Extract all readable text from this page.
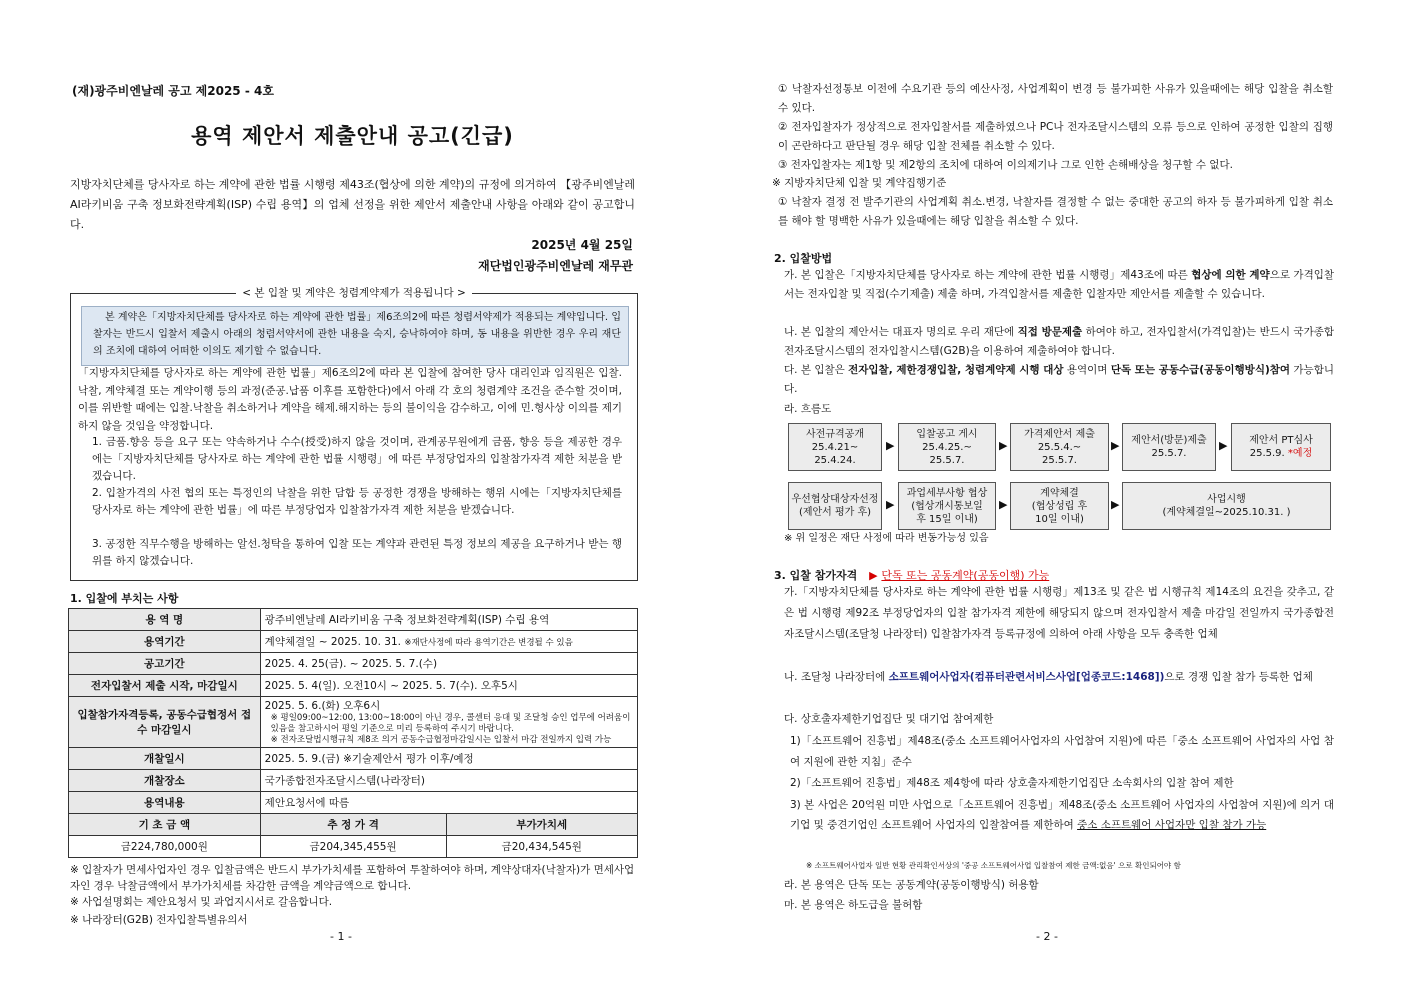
(재)광주비엔날레 공고 제2025 - 4호
용역 제안서 제출안내 공고(긴급)
지방자치단체를 당사자로 하는 계약에 관한 법률 시행령 제43조(협상에 의한 계약)의 규정에 의거하여 【광주비엔날레 AI라키비움 구축 정보화전략계획(ISP) 수립 용역】의 업체 선정을 위한 제안서 제출안내 사항을 아래와 같이 공고합니다.
2025년 4월 25일
재단법인광주비엔날레 재무관
< 본 입찰 및 계약은 청렴계약제가 적용됩니다 >
본 계약은「지방자치단체를 당사자로 하는 계약에 관한 법률」제6조의2에 따른 청렴서약제가 적용되는 계약입니다. 입찰자는 반드시 입찰서 제출시 아래의 청렴서약서에 관한 내용을 숙지, 승낙하여야 하며, 동 내용을 위반한 경우 우리 재단의 조치에 대하여 어떠한 이의도 제기할 수 없습니다.
「지방자치단체를 당사자로 하는 계약에 관한 법률」제6조의2에 따라 본 입찰에 참여한 당사 대리인과 임직원은 입찰.낙찰, 계약체결 또는 계약이행 등의 과정(준공.납품 이후를 포함한다)에서 아래 각 호의 청렴계약 조건을 준수할 것이며, 이를 위반할 때에는 입찰.낙찰을 취소하거나 계약을 해제.해지하는 등의 불이익을 감수하고, 이에 민.형사상 이의를 제기하지 않을 것임을 약정합니다.
1. 금품.향응 등을 요구 또는 약속하거나 수수(授受)하지 않을 것이며, 관계공무원에게 금품, 향응 등을 제공한 경우에는「지방자치단체를 당사자로 하는 계약에 관한 법률 시행령」에 따른 부정당업자의 입찰참가자격 제한 처분을 받겠습니다.
2. 입찰가격의 사전 협의 또는 특정인의 낙찰을 위한 담합 등 공정한 경쟁을 방해하는 행위 시에는「지방자치단체를 당사자로 하는 계약에 관한 법률」에 따른 부정당업자 입찰참가자격 제한 처분을 받겠습니다.
3. 공정한 직무수행을 방해하는 알선.청탁을 통하여 입찰 또는 계약과 관련된 특정 정보의 제공을 요구하거나 받는 행위를 하지 않겠습니다.
1. 입찰에 부치는 사항
용 역 명	광주비엔날레 AI라키비움 구축 정보화전략계획(ISP) 수립 용역	
용역기간	계약체결일 ~ 2025. 10. 31. ※재단사정에 따라 용역기간은 변경될 수 있음	
공고기간	2025. 4. 25(금). ~ 2025. 5. 7.(수)	
전자입찰서 제출 시작, 마감일시	2025. 5. 4(일). 오전10시 ~ 2025. 5. 7(수). 오후5시	
입찰참가자격등록, 공동수급협정서 접수 마감일시	2025. 5. 6.(화) 오후6시
※ 평일09:00~12:00, 13:00~18:00이 아닌 경우, 콜센터 응대 및 조달청 승인 업무에 어려움이 있음을 참고하시어 평일 기준으로 미리 등록하여 주시기 바랍니다.
※ 전자조달법시행규칙 제8조 의거 공동수급협정마감일시는 입찰서 마감 전일까지 입력 가능	

개찰일시	2025. 5. 9.(금) ※기술제안서 평가 이후/예정	
개찰장소	국가종합전자조달시스템(나라장터)	
용역내용	제안요청서에 따름	
기 초 금 액	추 정 가 격	부가가치세
금224,780,000원	금204,345,455원	금20,434,545원
※ 입찰자가 면세사업자인 경우 입찰금액은 반드시 부가가치세를 포함하여 투찰하여야 하며, 계약상대자(낙찰자)가 면세사업자인 경우 낙찰금액에서 부가가치세를 차감한 금액을 계약금액으로 합니다.
※ 사업설명회는 제안요청서 및 과업지시서로 갈음합니다.
※ 나라장터(G2B) 전자입찰특별유의서
- 1 -
① 낙찰자선정통보 이전에 수요기관 등의 예산사정, 사업계획이 변경 등 불가피한 사유가 있을때에는 해당 입찰을 취소할 수 있다.
② 전자입찰자가 정상적으로 전자입찰서를 제출하였으나 PC나 전자조달시스템의 오류 등으로 인하여 공정한 입찰의 집행이 곤란하다고 판단될 경우 해당 입찰 전체를 취소할 수 있다.
③ 전자입찰자는 제1항 및 제2항의 조치에 대하여 이의제기나 그로 인한 손해배상을 청구할 수 없다.
※ 지방자치단체 입찰 및 계약집행기준
① 낙찰자 결정 전 발주기관의 사업계획 취소.변경, 낙찰자를 결정할 수 없는 중대한 공고의 하자 등 불가피하게 입찰 취소를 해야 할 명백한 사유가 있을때에는 해당 입찰을 취소할 수 있다.
2. 입찰방법
가. 본 입찰은「지방자치단체를 당사자로 하는 계약에 관한 법률 시행령」제43조에 따른 협상에 의한 계약으로 가격입찰서는 전자입찰 및 직접(수기제출) 제출 하며, 가격입찰서를 제출한 입찰자만 제안서를 제출할 수 있습니다.
나. 본 입찰의 제안서는 대표자 명의로 우리 재단에 직접 방문제출 하여야 하고, 전자입찰서(가격입찰)는 반드시 국가종합전자조달시스템의 전자입찰시스템(G2B)을 이용하여 제출하여야 합니다.
다. 본 입찰은 전자입찰, 제한경쟁입찰, 청렴계약제 시행 대상 용역이며 단독 또는 공동수급(공동이행방식)참여 가능합니다.
라. 흐름도
사전규격공개
25.4.21~
25.4.24.
▶
입찰공고 게시
25.4.25.~
25.5.7.
▶
가격제안서 제출
25.5.4.~
25.5.7.
▶ 제안서(방문)제출
25.5.7.
▶ 제안서 PT심사
25.5.9. *예정
우선협상대상자선정
(제안서 평가 후)
▶
과업세부사항 협상
(협상개시통보일
후 15일 이내)
▶
계약체결
(협상성립 후
10일 이내)
▶	사업시행
(계약체결일~2025.10.31. )
※ 위 일정은 재단 사정에 따라 변동가능성 있음
3. 입찰 참가자격 ▶ 단독 또는 공동계약(공동이행) 가능
가.「지방자치단체를 당사자로 하는 계약에 관한 법률 시행령」제13조 및 같은 법 시행규칙 제14조의 요건을 갖추고, 같은 법 시행령 제92조 부정당업자의 입찰 참가자격 제한에 해당되지 않으며 전자입찰서 제출 마감일 전일까지 국가종합전자조달시스템(조달청 나라장터) 입찰참가자격 등록규정에 의하여 아래 사항을 모두 충족한 업체
나. 조달청 나라장터에 소프트웨어사업자(컴퓨터관련서비스사업[업종코드:1468])으로 경쟁 입찰 참가 등록한 업체
다. 상호출자제한기업집단 및 대기업 참여제한
1)「소프트웨어 진흥법」제48조(중소 소프트웨어사업자의 사업참여 지원)에 따른「중소 소프트웨어 사업자의 사업 참여 지원에 관한 지침」준수
2)「소프트웨어 진흥법」제48조 제4항에 따라 상호출자제한기업집단 소속회사의 입찰 참여 제한
3) 본 사업은 20억원 미만 사업으로「소프트웨어 진흥법」제48조(중소 소프트웨어 사업자의 사업참여 지원)에 의거 대기업 및 중견기업인 소프트웨어 사업자의 입찰참여를 제한하여 중소 소프트웨어 사업자만 입찰 참가 가능
※ 소프트웨어사업자 일반 현황 관리확인서상의 '중공 소프트웨어사업 입찰참여 제한 금액:없음' 으로 확인되어야 함
라. 본 용역은 단독 또는 공동계약(공동이행방식) 허용함
마. 본 용역은 하도급을 불허함
- 2 -
